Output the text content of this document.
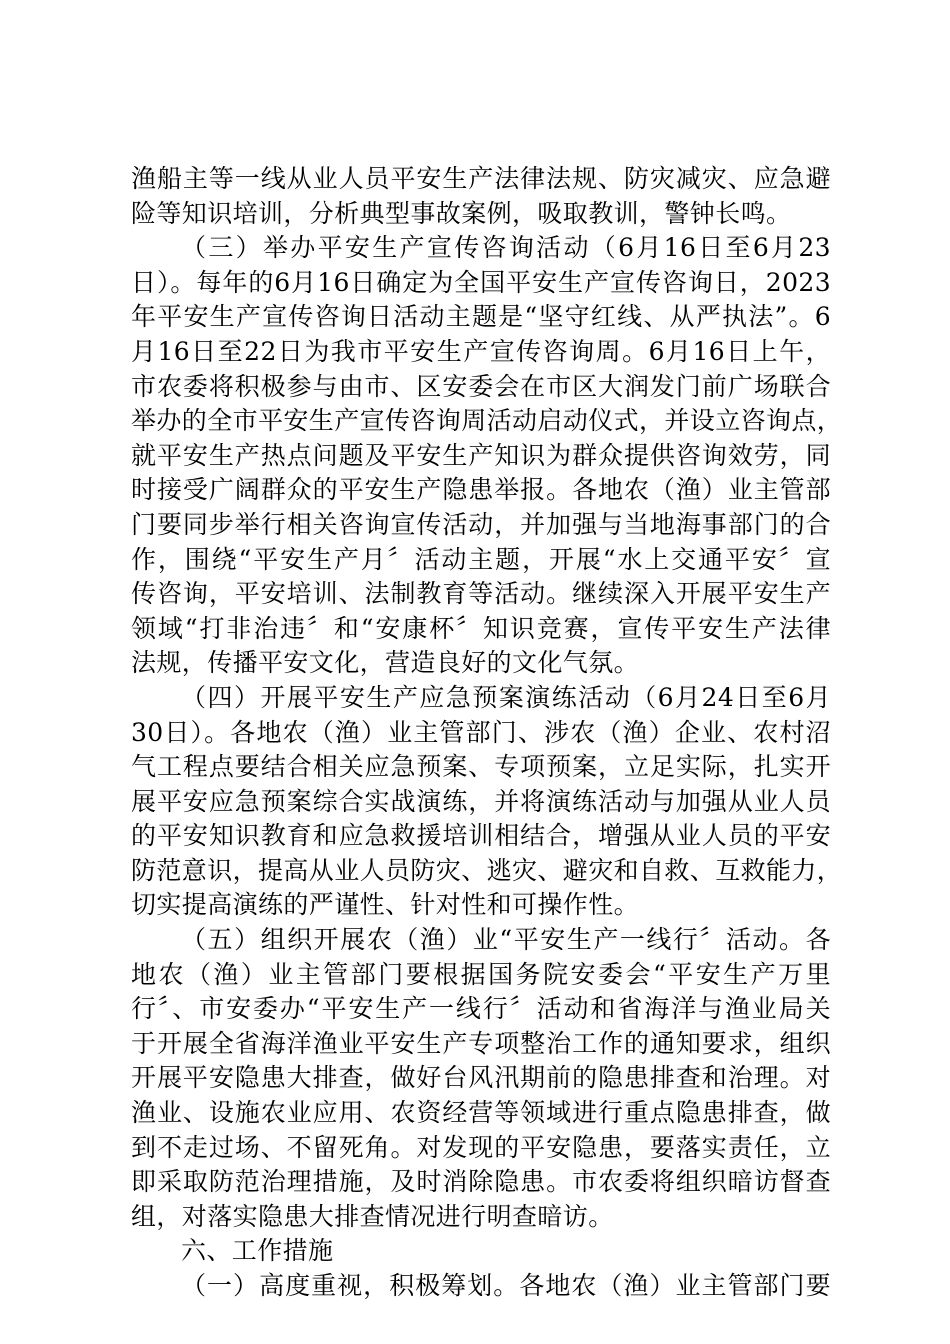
渔船主等一线从业人员平安生产法律法规、防灾减灾、应急避
险等知识培训，分析典型事故案例，吸取教训，警钟长鸣。
（三）举办平安生产宣传咨询活动（6月16日至6月23
日）。每年的6月16日确定为全国平安生产宣传咨询日，2023
年平安生产宣传咨询日活动主题是“坚守红线、从严执法”。6
月16日至22日为我市平安生产宣传咨询周。6月16日上午，
市农委将积极参与由市、区安委会在市区大润发门前广场联合
举办的全市平安生产宣传咨询周活动启动仪式，并设立咨询点，
就平安生产热点问题及平安生产知识为群众提供咨询效劳，同
时接受广阔群众的平安生产隐患举报。各地农（渔）业主管部
门要同步举行相关咨询宣传活动，并加强与当地海事部门的合
作，围绕“平安生产月〞活动主题，开展“水上交通平安〞宣
传咨询，平安培训、法制教育等活动。继续深入开展平安生产
领域“打非治违〞和“安康杯〞知识竞赛，宣传平安生产法律
法规，传播平安文化，营造良好的文化气氛。
（四）开展平安生产应急预案演练活动（6月24日至6月
30日）。各地农（渔）业主管部门、涉农（渔）企业、农村沼
气工程点要结合相关应急预案、专项预案，立足实际，扎实开
展平安应急预案综合实战演练，并将演练活动与加强从业人员
的平安知识教育和应急救援培训相结合，增强从业人员的平安
防范意识，提高从业人员防灾、逃灾、避灾和自救、互救能力，
切实提高演练的严谨性、针对性和可操作性。
（五）组织开展农（渔）业“平安生产一线行〞活动。各
地农（渔）业主管部门要根据国务院安委会“平安生产万里
行〞、市安委办“平安生产一线行〞活动和省海洋与渔业局关
于开展全省海洋渔业平安生产专项整治工作的通知要求，组织
开展平安隐患大排查，做好台风汛期前的隐患排查和治理。对
渔业、设施农业应用、农资经营等领域进行重点隐患排查，做
到不走过场、不留死角。对发现的平安隐患，要落实责任，立
即采取防范治理措施，及时消除隐患。市农委将组织暗访督查
组，对落实隐患大排查情况进行明查暗访。
六、工作措施
（一）高度重视，积极筹划。各地农（渔）业主管部门要
